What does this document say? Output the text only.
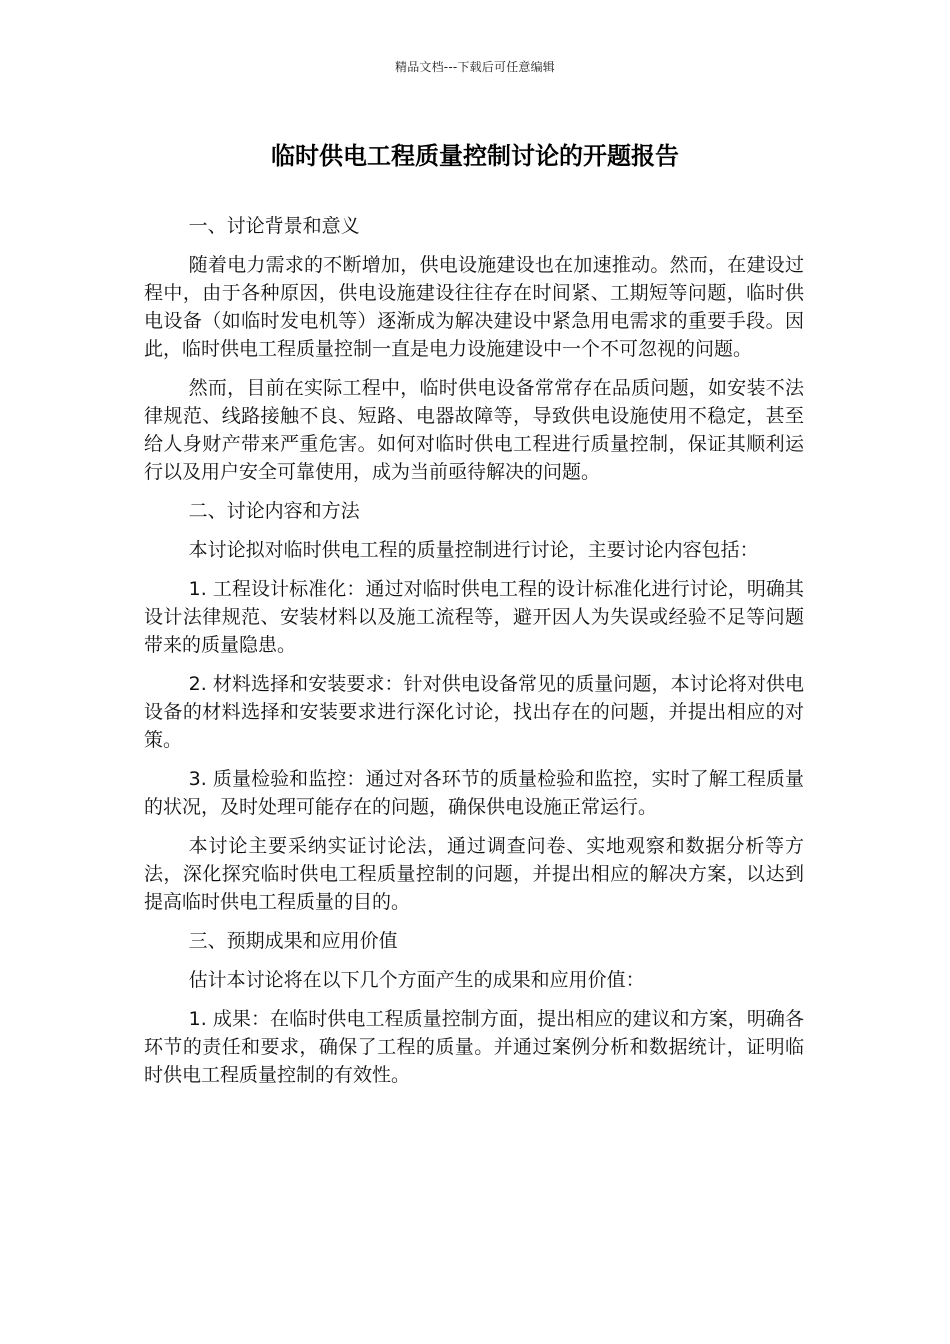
精品文档---下载后可任意编辑
临时供电工程质量控制讨论的开题报告

一、讨论背景和意义

随着电力需求的不断增加，供电设施建设也在加速推动。然而，在建设过程中，由于各种原因，供电设施建设往往存在时间紧、工期短等问题，临时供电设备（如临时发电机等）逐渐成为解决建设中紧急用电需求的重要手段。因此，临时供电工程质量控制一直是电力设施建设中一个不可忽视的问题。

然而，目前在实际工程中，临时供电设备常常存在品质问题，如安装不法律规范、线路接触不良、短路、电器故障等，导致供电设施使用不稳定，甚至给人身财产带来严重危害。如何对临时供电工程进行质量控制，保证其顺利运行以及用户安全可靠使用，成为当前亟待解决的问题。

二、讨论内容和方法

本讨论拟对临时供电工程的质量控制进行讨论，主要讨论内容包括：

1. 工程设计标准化：通过对临时供电工程的设计标准化进行讨论，明确其设计法律规范、安装材料以及施工流程等，避开因人为失误或经验不足等问题带来的质量隐患。

2. 材料选择和安装要求：针对供电设备常见的质量问题，本讨论将对供电设备的材料选择和安装要求进行深化讨论，找出存在的问题，并提出相应的对策。

3. 质量检验和监控：通过对各环节的质量检验和监控，实时了解工程质量的状况，及时处理可能存在的问题，确保供电设施正常运行。

本讨论主要采纳实证讨论法，通过调查问卷、实地观察和数据分析等方法，深化探究临时供电工程质量控制的问题，并提出相应的解决方案，以达到提高临时供电工程质量的目的。

三、预期成果和应用价值

估计本讨论将在以下几个方面产生的成果和应用价值：

1. 成果：在临时供电工程质量控制方面，提出相应的建议和方案，明确各环节的责任和要求，确保了工程的质量。并通过案例分析和数据统计，证明临时供电工程质量控制的有效性。
